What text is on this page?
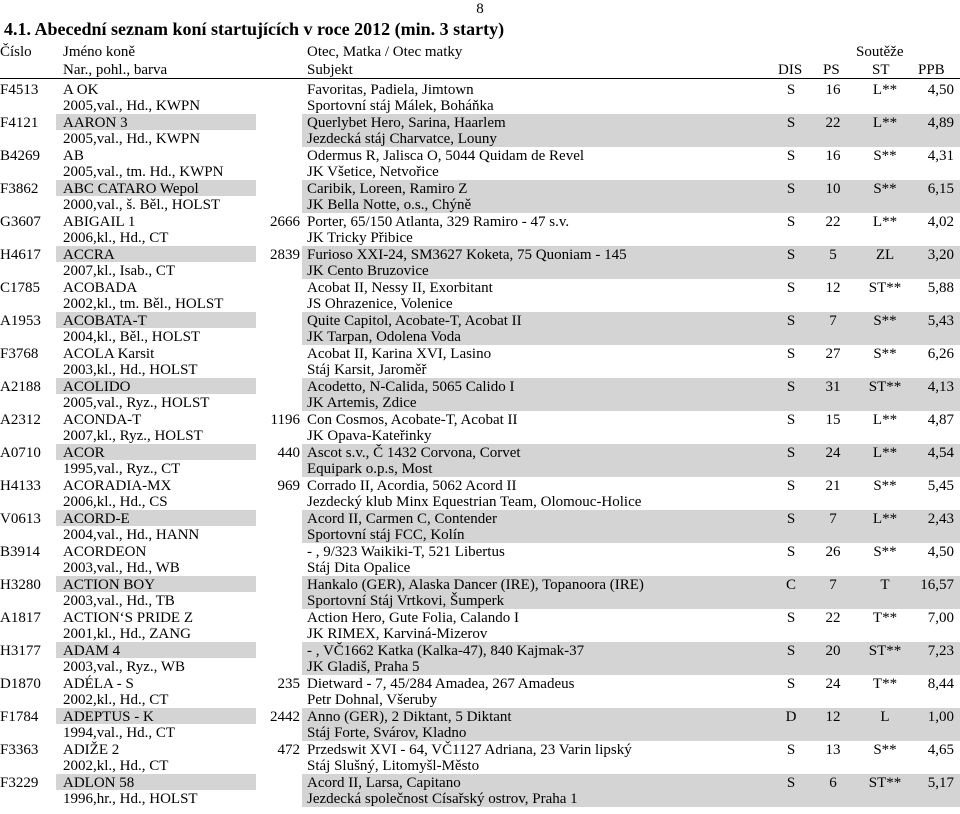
8
4.1. Abecední seznam koní startujících v roce 2012 (min. 3 starty)
Číslo Jméno koně
Nar., pohl., barva
Otec, Matka / Otec matky
Subjekt
Soutěže
DIS PS ST PPB
F4513 A OK
2005,val., Hd., KWPN
Favoritas, Padiela, Jimtown
Sportovní stáj Málek, Boháňka
S	16	L**	4,50
F4121 AARON 3
2005,val., Hd., KWPN
Querlybet Hero, Sarina, Haarlem
Jezdecká stáj Charvatce, Louny
S	22	L**	4,89
B4269 AB
2005,val., tm. Hd., KWPN
Odermus R, Jalisca O, 5044 Quidam de Revel
JK Všetice, Netvořice
S	16	S**	4,31
F3862 ABC CATARO Wepol
2000,val., š. Běl., HOLST
Caribik, Loreen, Ramiro Z
JK Bella Notte, o.s., Chýně
S	10	S**	6,15
G3607 ABIGAIL 1
2006,kl., Hd., CT
2666 Porter, 65/150 Atlanta, 329 Ramiro - 47 s.v.
JK Tricky Přibice
S	22	L**	4,02
H4617 ACCRA
2007,kl., Isab., CT
2839 Furioso XXI-24, SM3627 Koketa, 75 Quoniam - 145
JK Cento Bruzovice
S	5	ZL	3,20
C1785 ACOBADA
2002,kl., tm. Běl., HOLST
Acobat II, Nessy II, Exorbitant
JS Ohrazenice, Volenice
S	12	ST**	5,88
A1953 ACOBATA-T
2004,kl., Běl., HOLST
Quite Capitol, Acobate-T, Acobat II
JK Tarpan, Odolena Voda
S	7	S**	5,43
F3768 ACOLA Karsit
2003,kl., Hd., HOLST
Acobat II, Karina XVI, Lasino
Stáj Karsit, Jaroměř
S	27	S**	6,26
A2188 ACOLIDO
2005,val., Ryz., HOLST
Acodetto, N-Calida, 5065 Calido I
JK Artemis, Zdice
S	31	ST**	4,13
A2312 ACONDA-T
2007,kl., Ryz., HOLST
1196 Con Cosmos, Acobate-T, Acobat II
JK Opava-Kateřinky
S	15	L**	4,87
A0710 ACOR
1995,val., Ryz., CT
440 Ascot s.v., Č 1432 Corvona, Corvet
Equipark o.p.s, Most
S	24	L**	4,54
H4133 ACORADIA-MX
2006,kl., Hd., CS
969 Corrado II, Acordia, 5062 Acord II
Jezdecký klub Minx Equestrian Team, Olomouc-Holice
S	21	S**	5,45
V0613 ACORD-E
2004,val., Hd., HANN
Acord II, Carmen C, Contender
Sportovní stáj FCC, Kolín
S	7	L**	2,43
B3914 ACORDEON
2003,val., Hd., WB
- , 9/323 Waikiki-T, 521 Libertus
Stáj Dita Opalice
S	26	S**	4,50
H3280 ACTION BOY
2003,val., Hd., TB
Hankalo (GER), Alaska Dancer (IRE), Topanoora (IRE)
Sportovní Stáj Vrtkovi, Šumperk
C	7	T	16,57
A1817 ACTION‘S PRIDE Z
2001,kl., Hd., ZANG
Action Hero, Gute Folia, Calando I
JK RIMEX, Karviná-Mizerov
S	22	T**	7,00
H3177 ADAM 4
2003,val., Ryz., WB
- , VČ1662 Katka (Kalka-47), 840 Kajmak-37
JK Gladiš, Praha 5
S	20	ST**	7,23
D1870 ADÉLA - S
2002,kl., Hd., CT
235 Dietward - 7, 45/284 Amadea, 267 Amadeus
Petr Dohnal, Všeruby
S	24	T**	8,44
F1784 ADEPTUS - K
1994,val., Hd., CT
2442 Anno (GER), 2 Diktant, 5 Diktant
Stáj Forte, Svárov, Kladno
D	12	L	1,00
F3363 ADIŽE 2
2002,kl., Hd., CT
472 Przedswit XVI - 64, VČ1127 Adriana, 23 Varin lipský
Stáj Slušný, Litomyšl-Město
S	13	S**	4,65
F3229 ADLON 58
1996,hr., Hd., HOLST
Acord II, Larsa, Capitano
Jezdecká společnost Císařský ostrov, Praha 1
S	6	ST**	5,17
